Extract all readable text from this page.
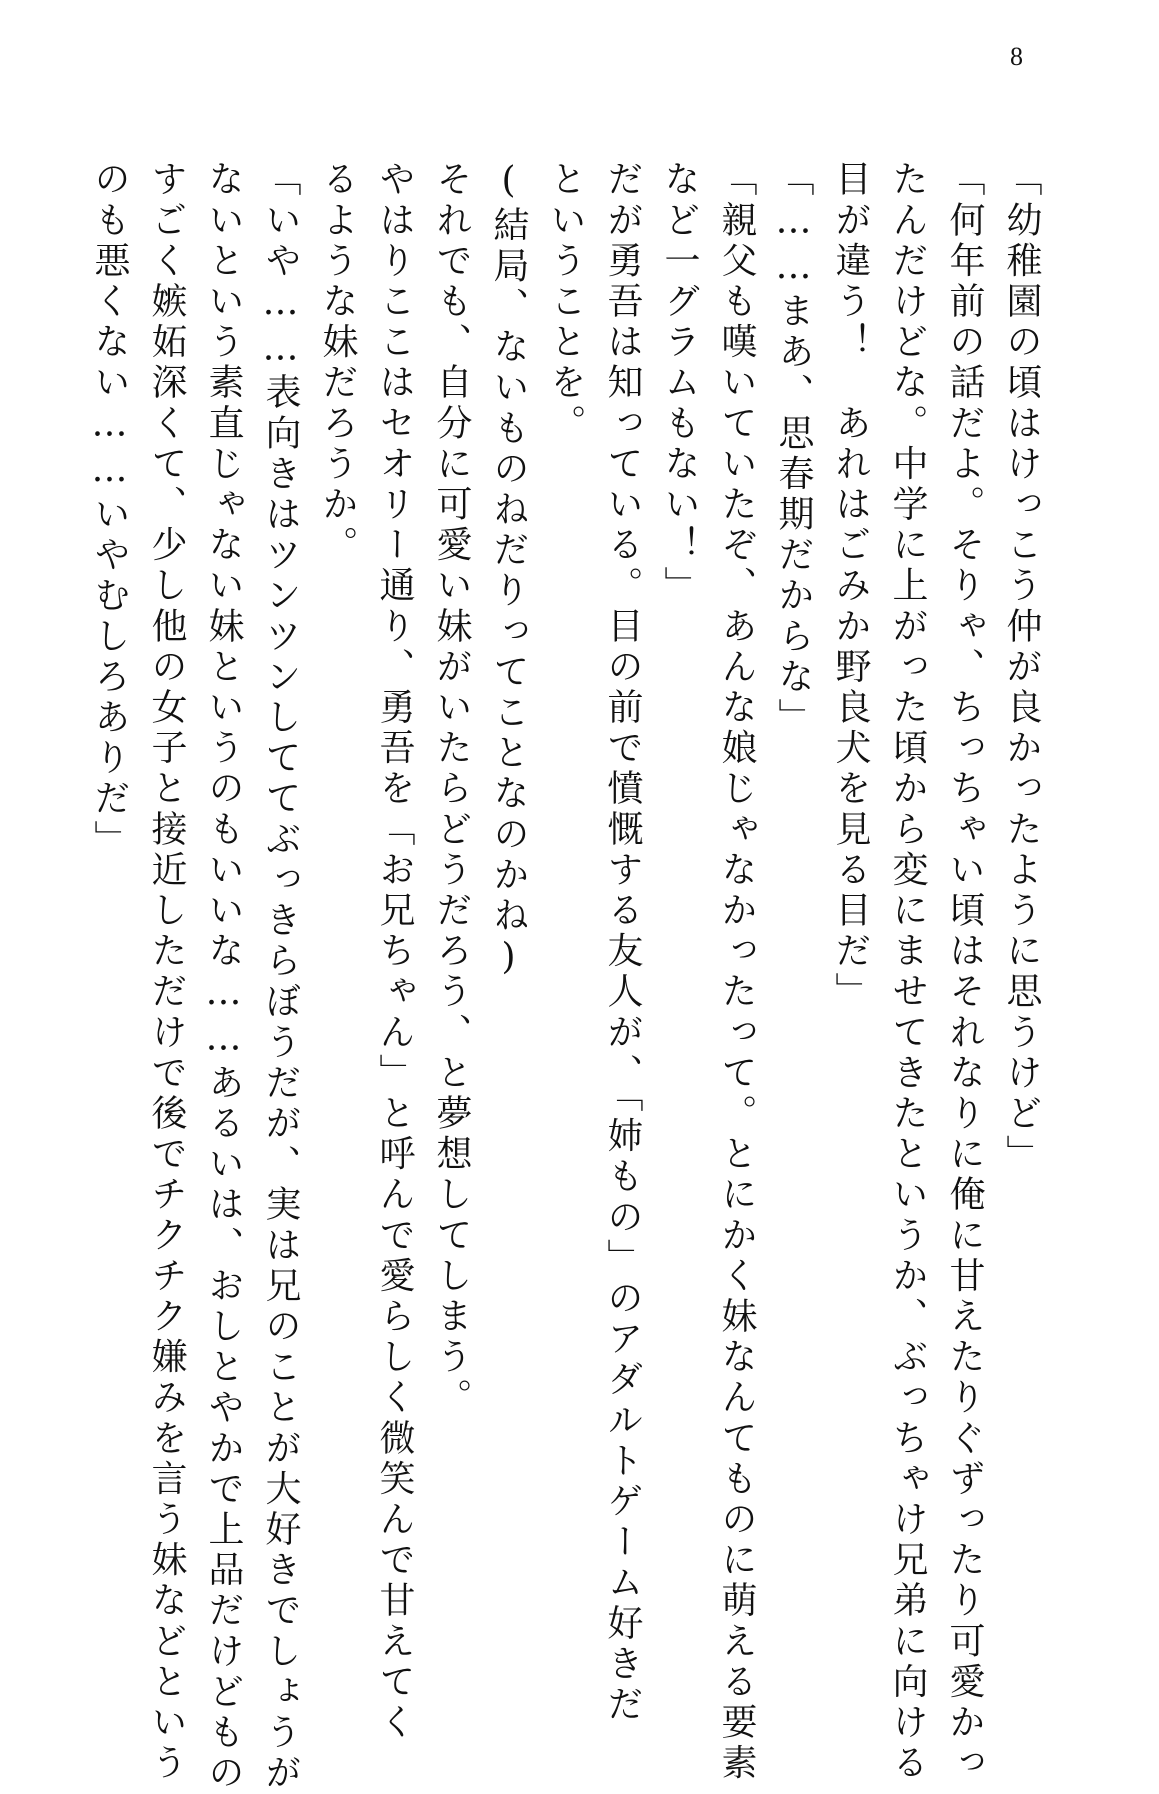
8
「幼稚園の頃はけっこう仲が良かったように思うけど」
「何年前の話だよ。そりゃ、ちっちゃい頃はそれなりに俺に甘えたりぐずったり可愛かっ
たんだけどな。中学に上がった頃から変にませてきたというか、ぶっちゃけ兄弟に向ける
目が違う！　あれはごみか野良犬を見る目だ」
「……まあ、思春期だからな」
「親父も嘆いていたぞ、あんな娘じゃなかったって。とにかく妹なんてものに萌える要素
など一グラムもない！」
だが勇吾は知っている。目の前で憤慨する友人が、「姉もの」のアダルトゲーム好きだ
ということを。
(結局、ないものねだりってことなのかね)
それでも、自分に可愛い妹がいたらどうだろう、と夢想してしまう。
やはりここはセオリー通り、勇吾を「お兄ちゃん」と呼んで愛らしく微笑んで甘えてく
るような妹だろうか。
「いや……表向きはツンツンしててぶっきらぼうだが、実は兄のことが大好きでしょうが
ないという素直じゃない妹というのもいいな……あるいは、おしとやかで上品だけどもの
すごく嫉妬深くて、少し他の女子と接近しただけで後でチクチク嫌みを言う妹などという
のも悪くない……いやむしろありだ」
